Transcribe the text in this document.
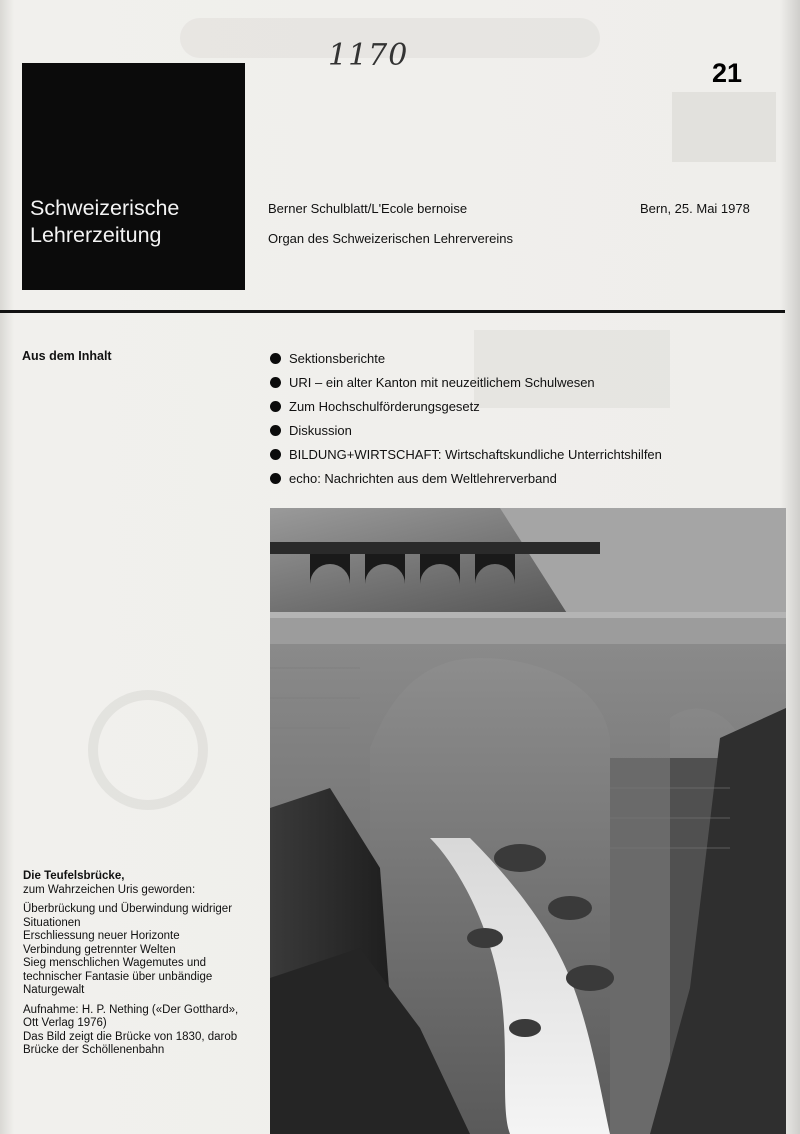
1170	21
Schweizerische
Lehrerzeitung
Berner Schulblatt/L'Ecole bernoise
Organ des Schweizerischen Lehrervereins
Bern, 25. Mai 1978
Aus dem Inhalt	Sektionsberichte
URI – ein alter Kanton mit neuzeitlichem Schulwesen
Zum Hochschulförderungsgesetz
Diskussion
BILDUNG+WIRTSCHAFT: Wirtschaftskundliche Unterrichtshilfen
echo: Nachrichten aus dem Weltlehrerverband
Die Teufelsbrücke,
zum Wahrzeichen Uris geworden:
Überbrückung und Überwindung widriger
Situationen
Erschliessung neuer Horizonte
Verbindung getrennter Welten
Sieg menschlichen Wagemutes und
technischer Fantasie über unbändige
Naturgewalt
Aufnahme: H. P. Nething («Der Gotthard»,
Ott Verlag 1976)
Das Bild zeigt die Brücke von 1830, darob
Brücke der Schöllenenbahn
